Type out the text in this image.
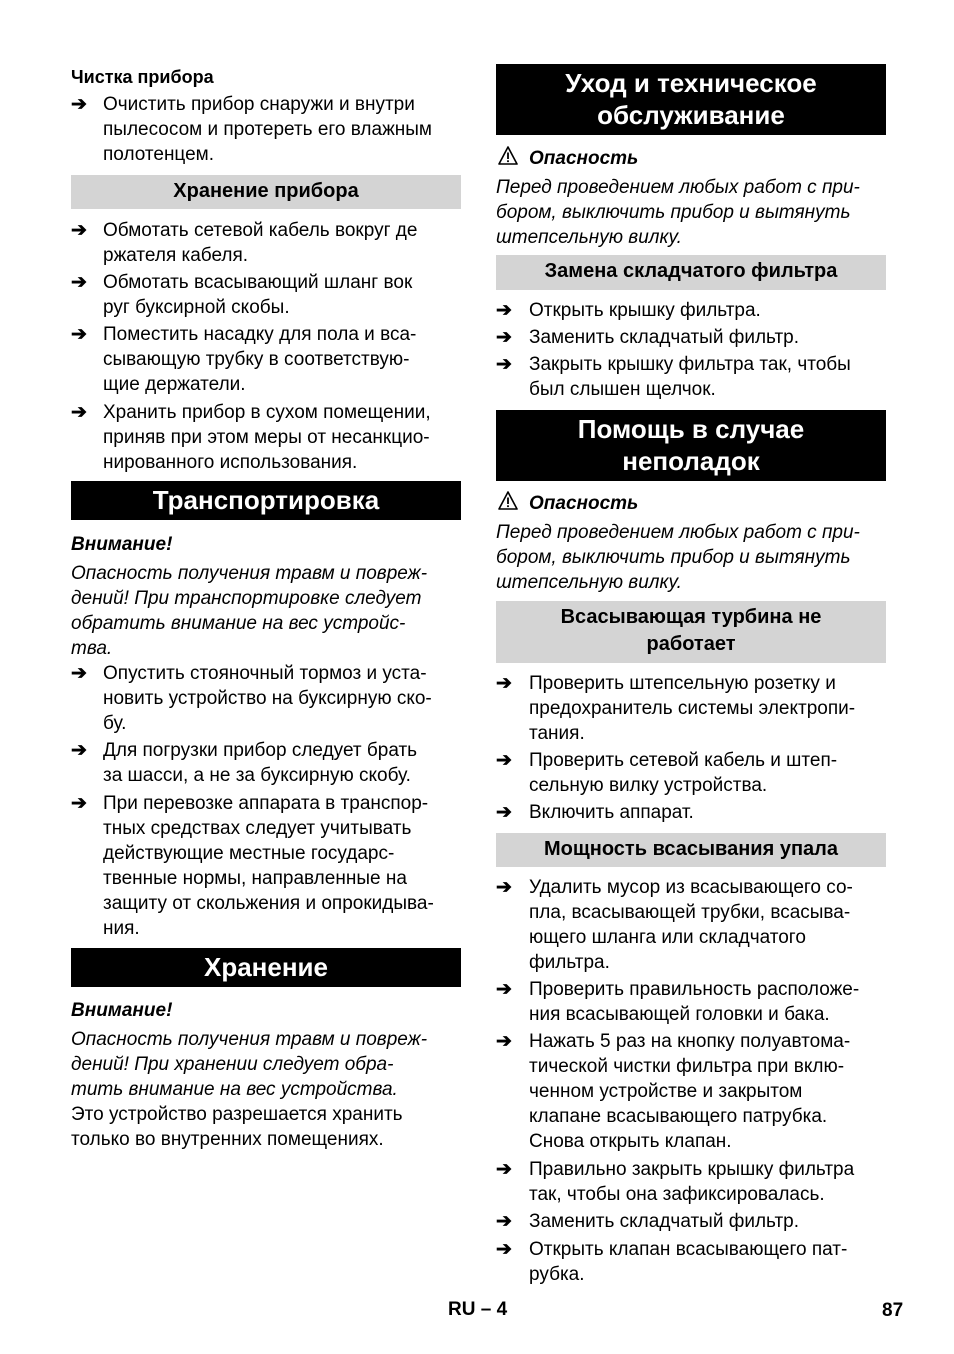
Чистка прибора
➔ Очистить прибор снаружи и внутри
пылесосом и протереть его влажным
полотенцем.
Хранение прибора
➔ Обмотать сетевой кабель вокруг де
ржателя кабеля.
➔ Обмотать всасывающий шланг вок
руг буксирной скобы.
➔ Поместить насадку для пола и вса-
сывающую трубку в соответствую-
щие держатели.
➔ Хранить прибор в сухом помещении,
приняв при этом меры от несанкцио-
нированного использования.
Транспортировка
Внимание!
Опасность получения травм и повреж-
дений! При транспортировке следует
обратить внимание на вес устройс-
тва.
➔ Опустить стояночный тормоз и уста-
новить устройство на буксирную ско-
бу.
➔ Для погрузки прибор следует брать
за шасси, а не за буксирную скобу.
➔ При перевозке аппарата в транспор-
тных средствах следует учитывать
действующие местные государс-
твенные нормы, направленные на
защиту от скольжения и опрокидыва-
ния.
Хранение
Внимание!
Опасность получения травм и повреж-
дений! При хранении следует обра-
тить внимание на вес устройства.
Это устройство разрешается хранить
только во внутренних помещениях.
Уход и техническое
обслуживание
Опасность
Перед проведением любых работ с при-
бором, выключить прибор и вытянуть
штепсельную вилку.
Замена складчатого фильтра
➔ Открыть крышку фильтра.
➔ Заменить складчатый фильтр.
➔ Закрыть крышку фильтра так, чтобы
был слышен щелчок.
Помощь в случае
неполадок
Опасность
Перед проведением любых работ с при-
бором, выключить прибор и вытянуть
штепсельную вилку.
Всасывающая турбина не
работает
➔ Проверить штепсельную розетку и
предохранитель системы электропи-
тания.
➔ Проверить сетевой кабель и штеп-
сельную вилку устройства.
➔ Включить аппарат.
Мощность всасывания упала
➔ Удалить мусор из всасывающего со-
пла, всасывающей трубки, всасыва-
ющего шланга или складчатого
фильтра.
➔ Проверить правильность расположе-
ния всасывающей головки и бака.
➔ Нажать 5 раз на кнопку полуавтома-
тической чистки фильтра при вклю-
ченном устройстве и закрытом
клапане всасывающего патрубка.
Снова открыть клапан.
➔ Правильно закрыть крышку фильтра
так, чтобы она зафиксировалась.
➔ Заменить складчатый фильтр.
➔ Открыть клапан всасывающего пат-
рубка.
RU – 4	87
